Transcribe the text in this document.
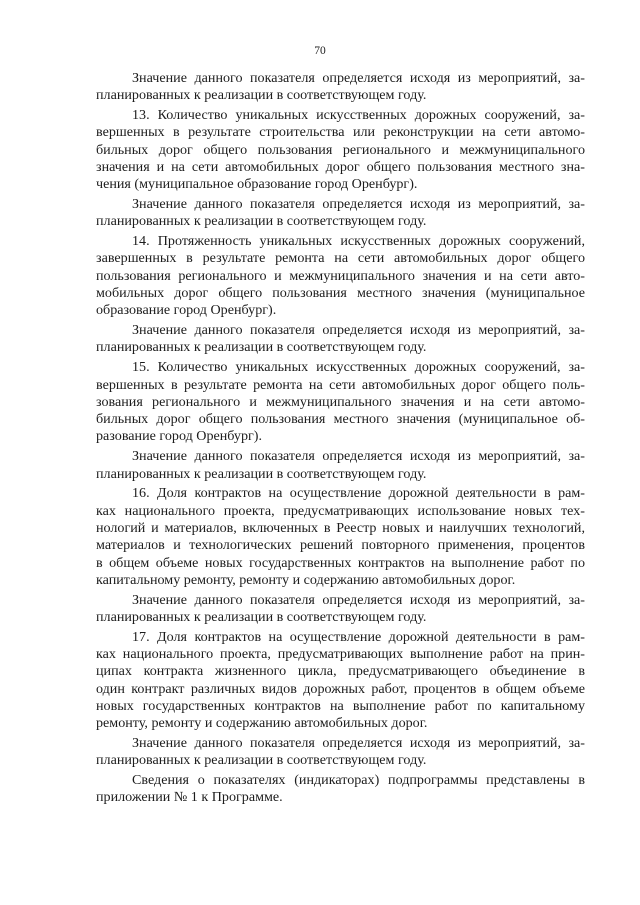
70

Значение данного показателя определяется исходя из мероприятий, за-
планированных к реализации в соответствующем году.

13. Количество уникальных искусственных дорожных сооружений, за-
вершенных в результате строительства или реконструкции на сети автомо-
бильных дорог общего пользования регионального и межмуниципального
значения и на сети автомобильных дорог общего пользования местного зна-
чения (муниципальное образование город Оренбург).

Значение данного показателя определяется исходя из мероприятий, за-
планированных к реализации в соответствующем году.

14. Протяженность уникальных искусственных дорожных сооружений,
завершенных в результате ремонта на сети автомобильных дорог общего
пользования регионального и межмуниципального значения и на сети авто-
мобильных дорог общего пользования местного значения (муниципальное
образование город Оренбург).

Значение данного показателя определяется исходя из мероприятий, за-
планированных к реализации в соответствующем году.

15. Количество уникальных искусственных дорожных сооружений, за-
вершенных в результате ремонта на сети автомобильных дорог общего поль-
зования регионального и межмуниципального значения и на сети автомо-
бильных дорог общего пользования местного значения (муниципальное об-
разование город Оренбург).

Значение данного показателя определяется исходя из мероприятий, за-
планированных к реализации в соответствующем году.

16. Доля контрактов на осуществление дорожной деятельности в рам-
ках национального проекта, предусматривающих использование новых тех-
нологий и материалов, включенных в Реестр новых и наилучших технологий,
материалов и технологических решений повторного применения, процентов
в общем объеме новых государственных контрактов на выполнение работ по
капитальному ремонту, ремонту и содержанию автомобильных дорог.

Значение данного показателя определяется исходя из мероприятий, за-
планированных к реализации в соответствующем году.

17. Доля контрактов на осуществление дорожной деятельности в рам-
ках национального проекта, предусматривающих выполнение работ на прин-
ципах контракта жизненного цикла, предусматривающего объединение в
один контракт различных видов дорожных работ, процентов в общем объеме
новых государственных контрактов на выполнение работ по капитальному
ремонту, ремонту и содержанию автомобильных дорог.

Значение данного показателя определяется исходя из мероприятий, за-
планированных к реализации в соответствующем году.

Сведения о показателях (индикаторах) подпрограммы представлены в
приложении № 1 к Программе.
